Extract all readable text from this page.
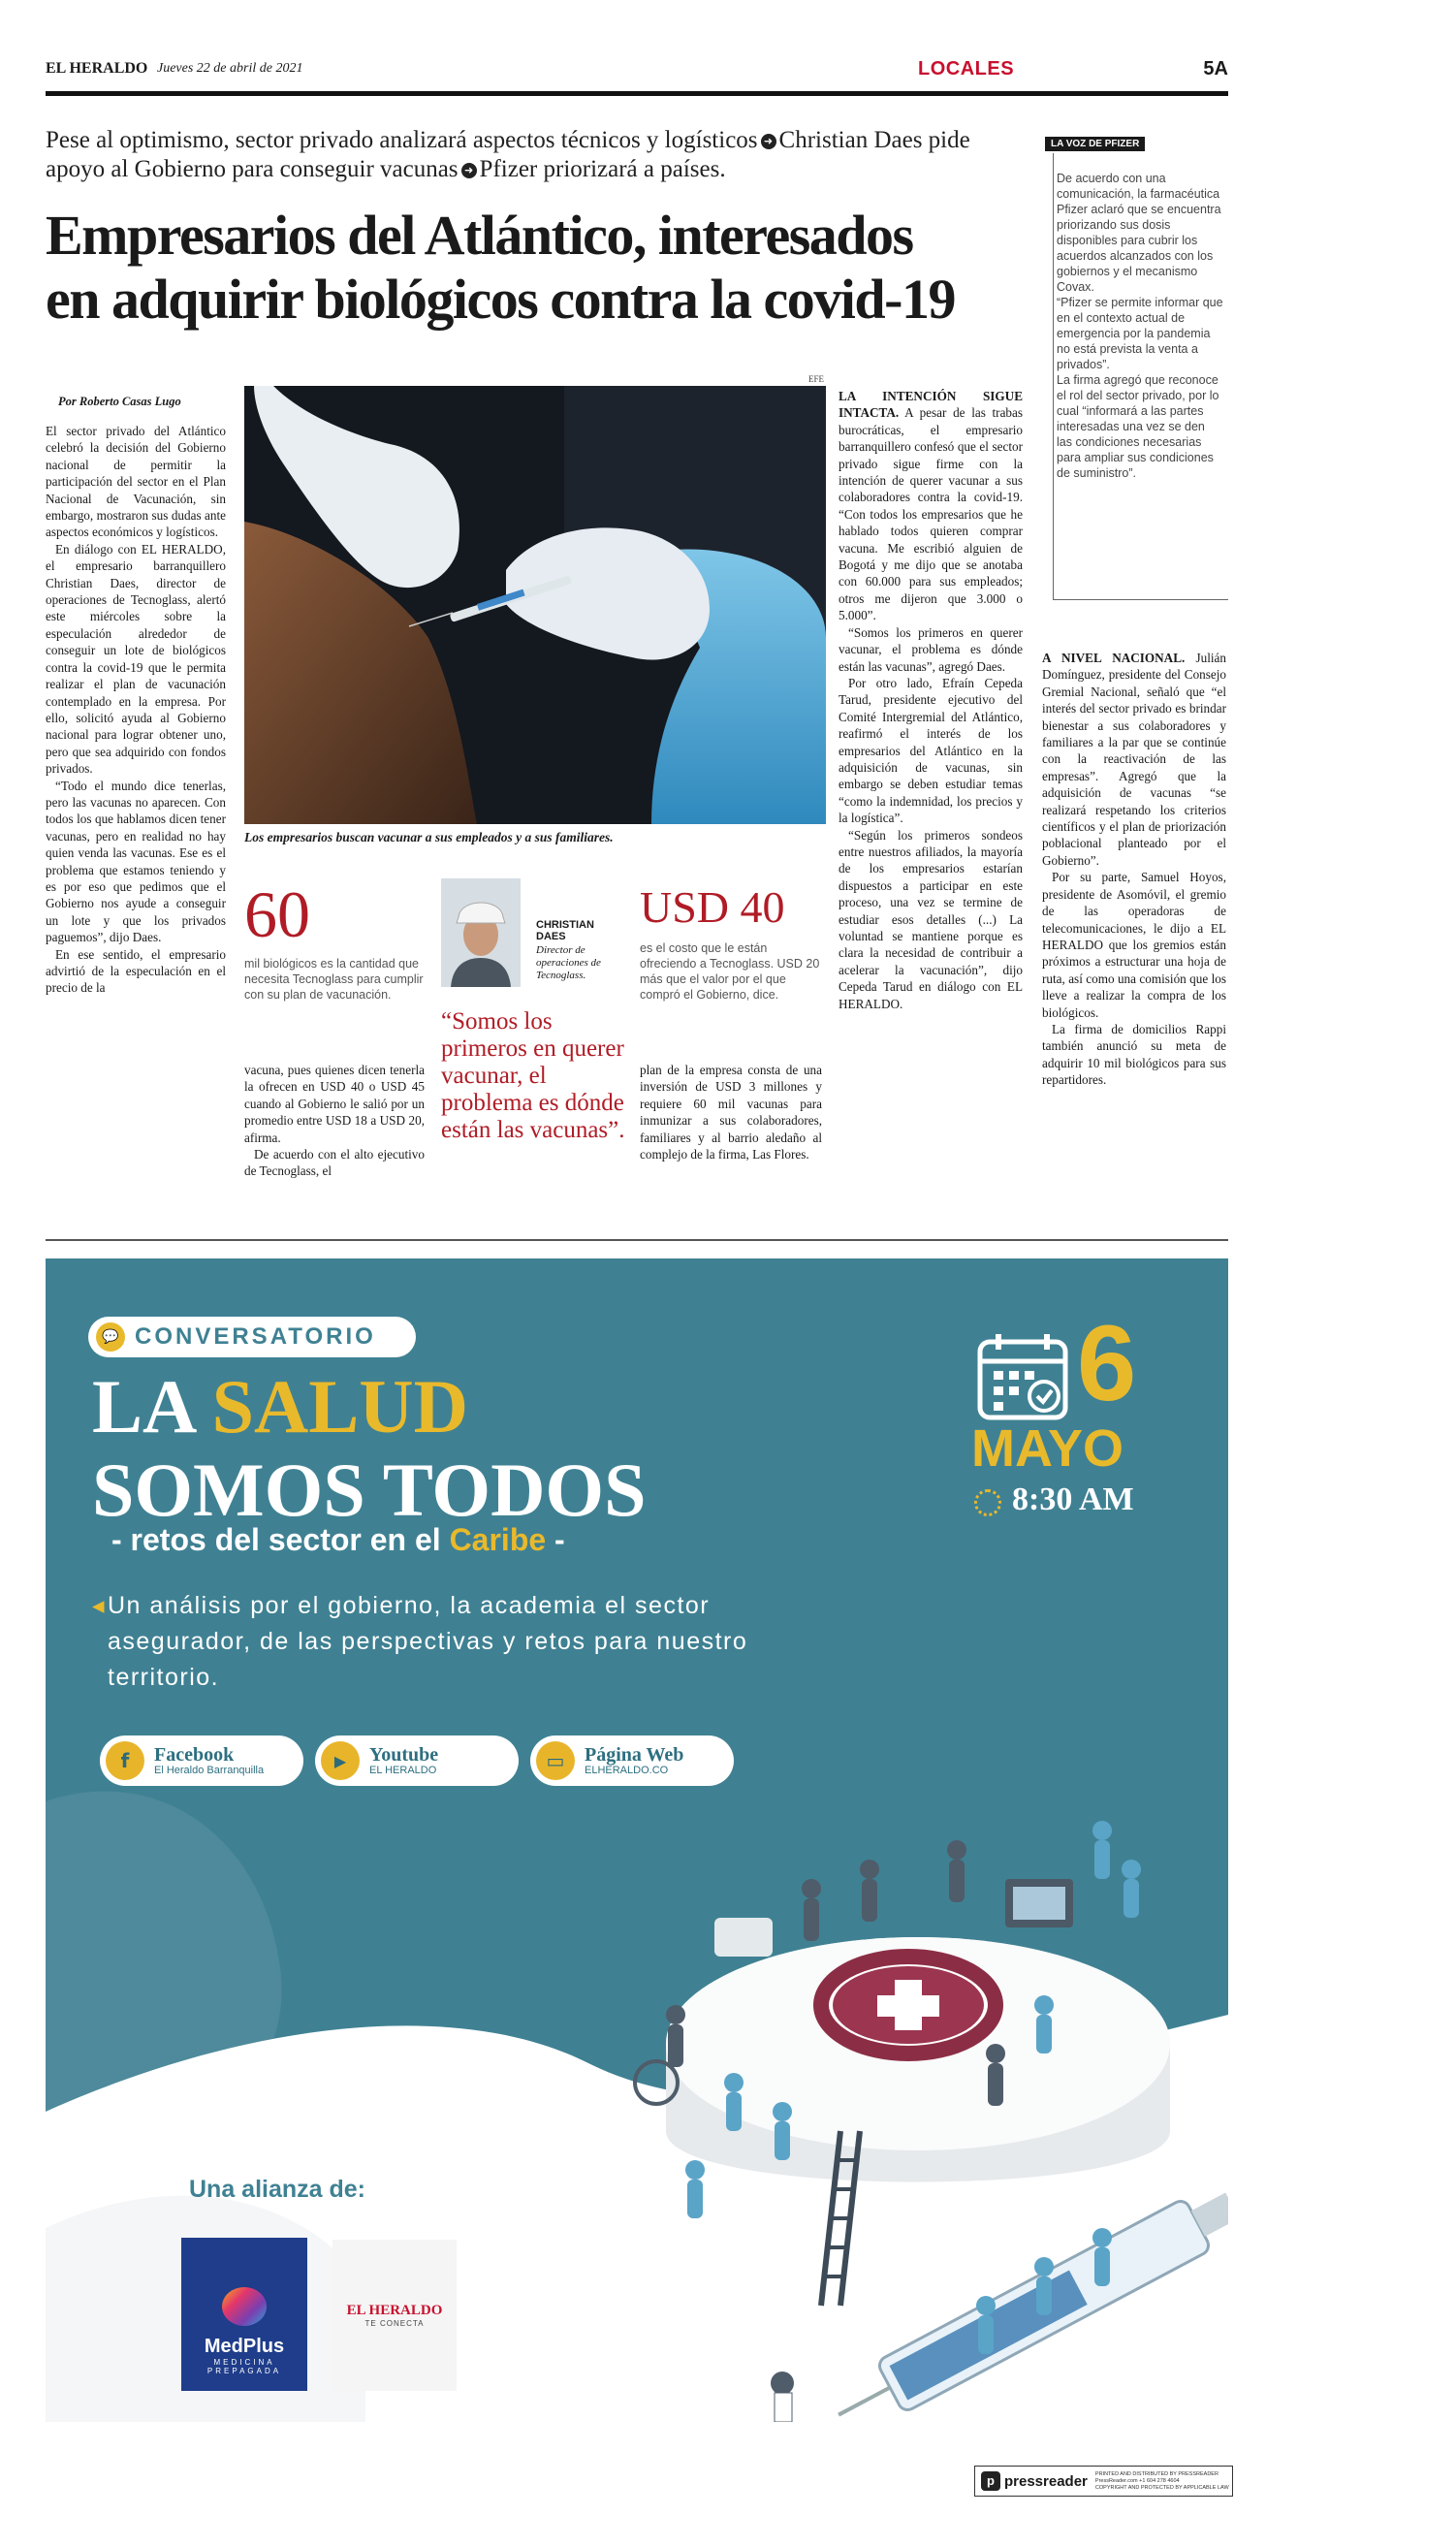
EL HERALDO Jueves 22 de abril de 2021	LOCALES	5A
Pese al optimismo, sector privado analizará aspectos técnicos y logísticos ➜ Christian Daes pide apoyo al Gobierno para conseguir vacunas ➜ Pfizer priorizará a países.
Empresarios del Atlántico, interesados
en adquirir biológicos contra la covid-19
LA VOZ DE PFIZER
De acuerdo con una comunicación, la farmacéutica Pfizer aclaró que se encuentra priorizando sus dosis disponibles para cubrir los acuerdos alcanzados con los gobiernos y el mecanismo Covax.
“Pfizer se permite informar que en el contexto actual de emergencia por la pandemia no está prevista la venta a privados”.
La firma agregó que reconoce el rol del sector privado, por lo cual “informará a las partes interesadas una vez se den las condiciones necesarias para ampliar sus condiciones de suministro”.
Por Roberto Casas Lugo
EFE
Los empresarios buscan vacunar a sus empleados y a sus familiares.

El sector privado del Atlántico celebró la decisión del Gobierno nacional de permitir la participación del sector en el Plan Nacional de Vacunación, sin embargo, mostraron sus dudas ante aspectos económicos y logísticos.

En diálogo con EL HERALDO, el empresario barranquillero Christian Daes, director de operaciones de Tecnoglass, alertó este miércoles sobre la especulación alrededor de conseguir un lote de biológicos contra la covid-19 que le permita realizar el plan de vacunación contemplado en la empresa. Por ello, solicitó ayuda al Gobierno nacional para lograr obtener uno, pero que sea adquirido con fondos privados.

“Todo el mundo dice tenerlas, pero las vacunas no aparecen. Con todos los que hablamos dicen tener vacunas, pero en realidad no hay quien venda las vacunas. Ese es el problema que estamos teniendo y es por eso que pedimos que el Gobierno nos ayude a conseguir un lote y que los privados paguemos”, dijo Daes.

En ese sentido, el empresario advirtió de la especulación en el precio de la

60
mil biológicos es la cantidad que necesita Tecnoglass para cumplir con su plan de vacunación.

vacuna, pues quienes dicen tenerla la ofrecen en USD 40 o USD 45 cuando al Gobierno le salió por un promedio entre USD 18 a USD 20, afirma.

De acuerdo con el alto ejecutivo de Tecnoglass, el

CHRISTIAN
DAES
Director de operaciones de Tecnoglass.
“Somos los primeros en querer vacunar, el problema es dónde están las vacunas”.
USD 40
es el costo que le están ofreciendo a Tecnoglass. USD 20 más que el valor por el que compró el Gobierno, dice.

plan de la empresa consta de una inversión de USD 3 millones y requiere 60 mil vacunas para inmunizar a sus colaboradores, familiares y al barrio aledaño al complejo de la firma, Las Flores.

LA INTENCIÓN SIGUE INTACTA. A pesar de las trabas burocráticas, el empresario barranquillero confesó que el sector privado sigue firme con la intención de querer vacunar a sus colaboradores contra la covid-19. “Con todos los empresarios que he hablado todos quieren comprar vacuna. Me escribió alguien de Bogotá y me dijo que se anotaba con 60.000 para sus empleados; otros me dijeron que 3.000 o 5.000”.

“Somos los primeros en querer vacunar, el problema es dónde están las vacunas”, agregó Daes.

Por otro lado, Efraín Cepeda Tarud, presidente ejecutivo del Comité Intergremial del Atlántico, reafirmó el interés de los empresarios del Atlántico en la adquisición de vacunas, sin embargo se deben estudiar temas “como la indemnidad, los precios y la logística”.

“Según los primeros sondeos entre nuestros afiliados, la mayoría de los empresarios estarían dispuestos a participar en este proceso, una vez se termine de estudiar esos detalles (...) La voluntad se mantiene porque es clara la necesidad de contribuir a acelerar la vacunación”, dijo Cepeda Tarud en diálogo con EL HERALDO.

A NIVEL NACIONAL. Julián Domínguez, presidente del Consejo Gremial Nacional, señaló que “el interés del sector privado es brindar bienestar a sus colaboradores y familiares a la par que se continúe con la reactivación de las empresas”. Agregó que la adquisición de vacunas “se realizará respetando los criterios científicos y el plan de priorización poblacional planteado por el Gobierno”.

Por su parte, Samuel Hoyos, presidente de Asomóvil, el gremio de las operadoras de telecomunicaciones, le dijo a EL HERALDO que los gremios están próximos a estructurar una hoja de ruta, así como una comisión que los lleve a realizar la compra de los biológicos.

La firma de domicilios Rappi también anunció su meta de adquirir 10 mil biológicos para sus repartidores.

💬 CONVERSATORIO
LA SALUD
SOMOS TODOS
- retos del sector en el Caribe -
◂ Un análisis por el gobierno, la academia el sector asegurador, de las perspectivas y retos para nuestro territorio.
6
MAYO
8:30 AM
f	Facebook
El Heraldo Barranquilla	▶	Youtube
EL HERALDO	▭	Página Web
ELHERALDO.CO
Una alianza de:
MedPlus
MEDICINA
PREPAGADA
EL HERALDO
TE CONECTA
p pressreader PRINTED AND DISTRIBUTED BY PRESSREADER
PressReader.com +1 604 278 4604
COPYRIGHT AND PROTECTED BY APPLICABLE LAW
